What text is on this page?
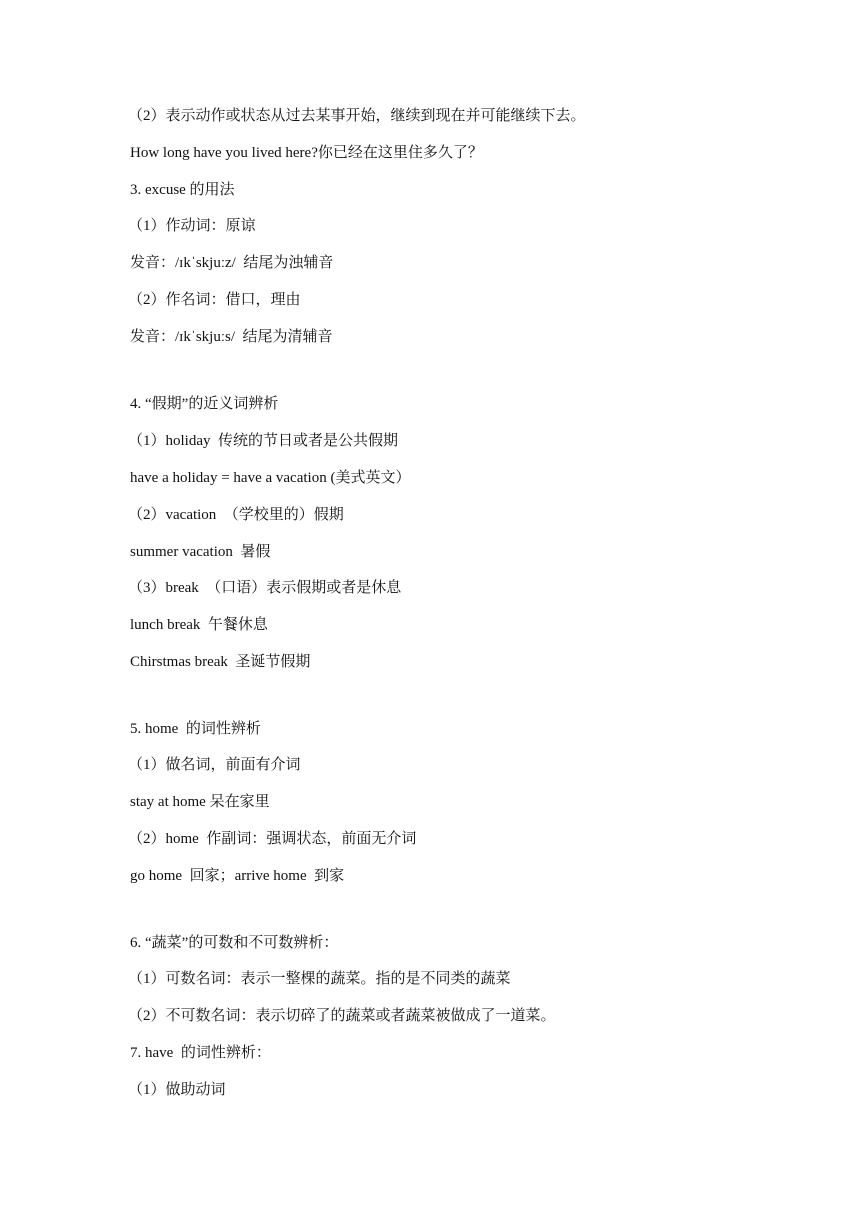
（2）表示动作或状态从过去某事开始，继续到现在并可能继续下去。
How long have you lived here?你已经在这里住多久了？
3. excuse 的用法
（1）作动词：原谅
发音：/ɪkˈskjuːz/  结尾为浊辅音
（2）作名词：借口，理由
发音：/ɪkˈskjuːs/  结尾为清辅音
4. “假期”的近义词辨析
（1）holiday  传统的节日或者是公共假期
have a holiday = have a vacation (美式英文）
（2）vacation  （学校里的）假期
summer vacation  暑假
（3）break  （口语）表示假期或者是休息
lunch break  午餐休息
Chirstmas break  圣诞节假期
5. home  的词性辨析
（1）做名词，前面有介词
stay at home 呆在家里
（2）home  作副词：强调状态，前面无介词
go home  回家；arrive home  到家
6. “蔬菜”的可数和不可数辨析：
（1）可数名词：表示一整棵的蔬菜。指的是不同类的蔬菜
（2）不可数名词：表示切碎了的蔬菜或者蔬菜被做成了一道菜。
7. have  的词性辨析：
（1）做助动词
